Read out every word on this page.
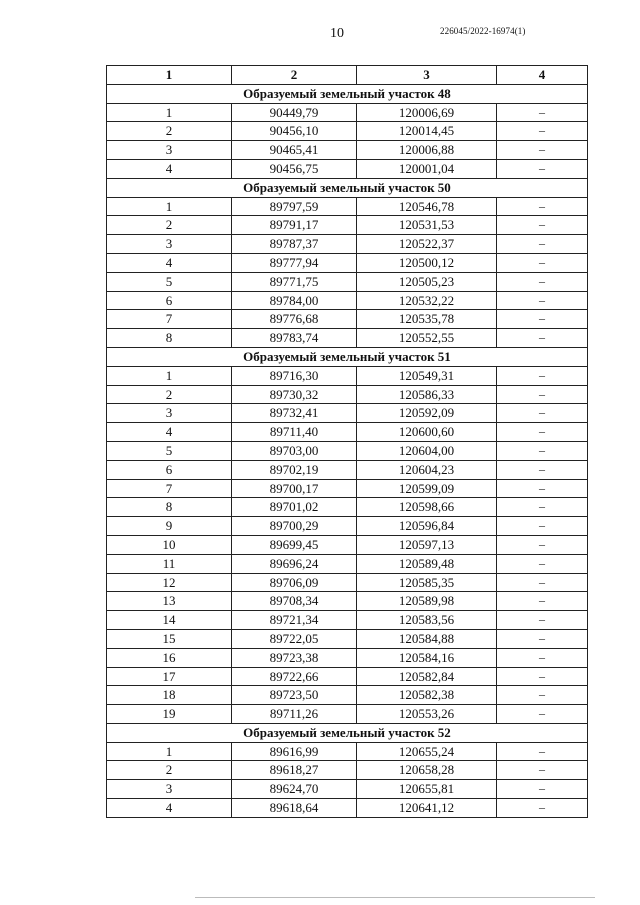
10	226045/2022-16974(1)
1	2	3	4
Образуемый земельный участок 48			
1	90449,79	120006,69	–
2	90456,10	120014,45	–
3	90465,41	120006,88	–
4	90456,75	120001,04	–
Образуемый земельный участок 50			
1	89797,59	120546,78	–
2	89791,17	120531,53	–
3	89787,37	120522,37	–
4	89777,94	120500,12	–
5	89771,75	120505,23	–
6	89784,00	120532,22	–
7	89776,68	120535,78	–
8	89783,74	120552,55	–
Образуемый земельный участок 51			
1	89716,30	120549,31	–
2	89730,32	120586,33	–
3	89732,41	120592,09	–
4	89711,40	120600,60	–
5	89703,00	120604,00	–
6	89702,19	120604,23	–
7	89700,17	120599,09	–
8	89701,02	120598,66	–
9	89700,29	120596,84	–
10	89699,45	120597,13	–
11	89696,24	120589,48	–
12	89706,09	120585,35	–
13	89708,34	120589,98	–
14	89721,34	120583,56	–
15	89722,05	120584,88	–
16	89723,38	120584,16	–
17	89722,66	120582,84	–
18	89723,50	120582,38	–
19	89711,26	120553,26	–
Образуемый земельный участок 52			
1	89616,99	120655,24	–
2	89618,27	120658,28	–
3	89624,70	120655,81	–
4	89618,64	120641,12	–
